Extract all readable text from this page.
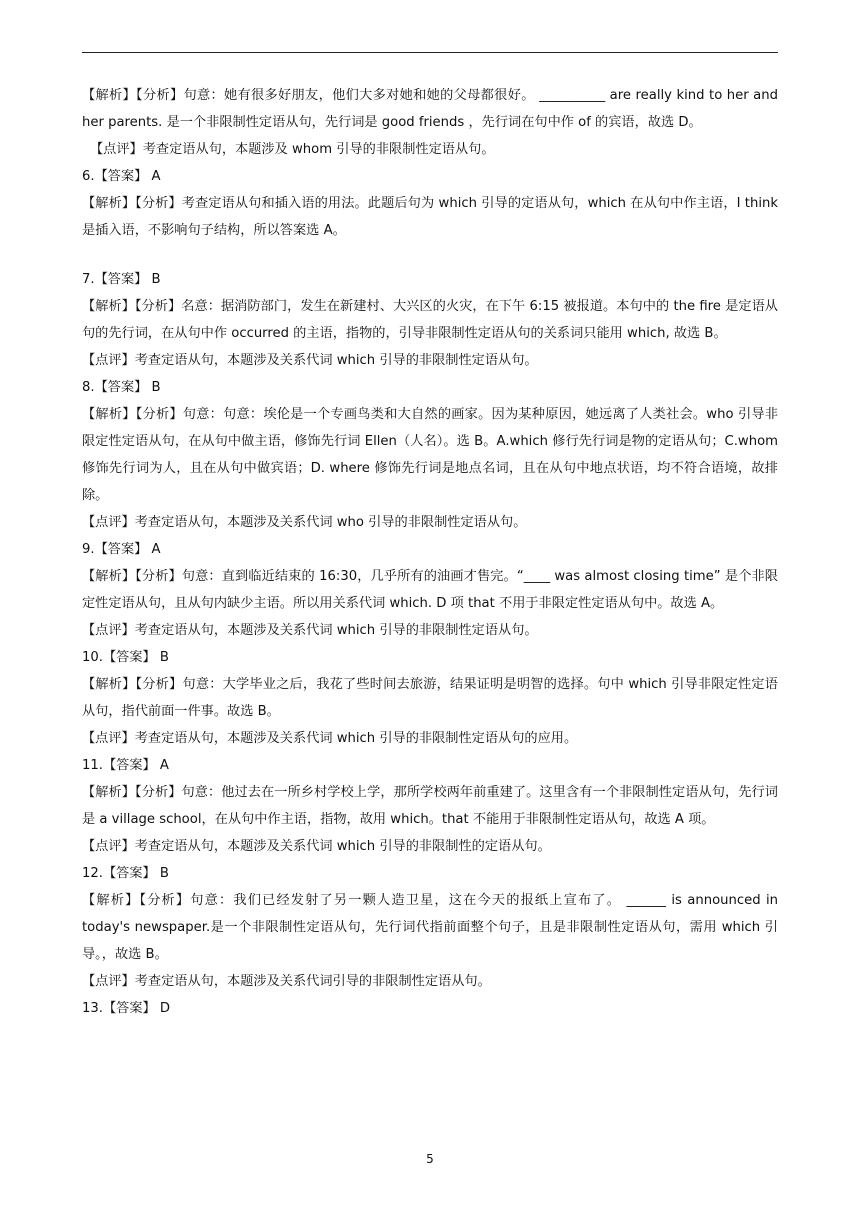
【解析】【分析】句意：她有很多好朋友，他们大多对她和她的父母都很好。 __________ are really kind to her and her parents. 是一个非限制性定语从句，先行词是 good friends ，先行词在句中作 of 的宾语，故选 D。

【点评】考查定语从句，本题涉及 whom 引导的非限制性定语从句。

6.【答案】 A

【解析】【分析】考查定语从句和插入语的用法。此题后句为 which 引导的定语从句，which 在从句中作主语，I think 是插入语，不影响句子结构，所以答案选 A。

7.【答案】 B

【解析】【分析】名意：据消防部门，发生在新建村、大兴区的火灾，在下午 6:15 被报道。本句中的 the fire 是定语从句的先行词，在从句中作 occurred 的主语，指物的，引导非限制性定语从句的关系词只能用 which, 故选 B。

【点评】考查定语从句，本题涉及关系代词 which 引导的非限制性定语从句。

8.【答案】 B

【解析】【分析】句意：句意：埃伦是一个专画鸟类和大自然的画家。因为某种原因，她远离了人类社会。who 引导非限定性定语从句，在从句中做主语，修饰先行词 Ellen（人名）。选 B。A.which 修行先行词是物的定语从句；C.whom 修饰先行词为人，且在从句中做宾语；D. where 修饰先行词是地点名词，且在从句中地点状语，均不符合语境，故排除。

【点评】考查定语从句，本题涉及关系代词 who 引导的非限制性定语从句。

9.【答案】 A

【解析】【分析】句意：直到临近结束的 16:30，几乎所有的油画才售完。“____ was almost closing time” 是个非限定性定语从句，且从句内缺少主语。所以用关系代词 which. D 项 that 不用于非限定性定语从句中。故选 A。

【点评】考查定语从句，本题涉及关系代词 which 引导的非限制性定语从句。

10.【答案】 B

【解析】【分析】句意：大学毕业之后，我花了些时间去旅游，结果证明是明智的选择。句中 which 引导非限定性定语从句，指代前面一件事。故选 B。

【点评】考查定语从句，本题涉及关系代词 which 引导的非限制性定语从句的应用。

11.【答案】 A

【解析】【分析】句意：他过去在一所乡村学校上学，那所学校两年前重建了。这里含有一个非限制性定语从句，先行词是 a village school，在从句中作主语，指物，故用 which。that 不能用于非限制性定语从句，故选 A 项。

【点评】考查定语从句，本题涉及关系代词 which 引导的非限制性的定语从句。

12.【答案】 B

【解析】【分析】句意：我们已经发射了另一颗人造卫星，这在今天的报纸上宣布了。 ______ is announced in today's newspaper.是一个非限制性定语从句，先行词代指前面整个句子，且是非限制性定语从句，需用 which 引导。，故选 B。

【点评】考查定语从句，本题涉及关系代词引导的非限制性定语从句。

13.【答案】 D

5
